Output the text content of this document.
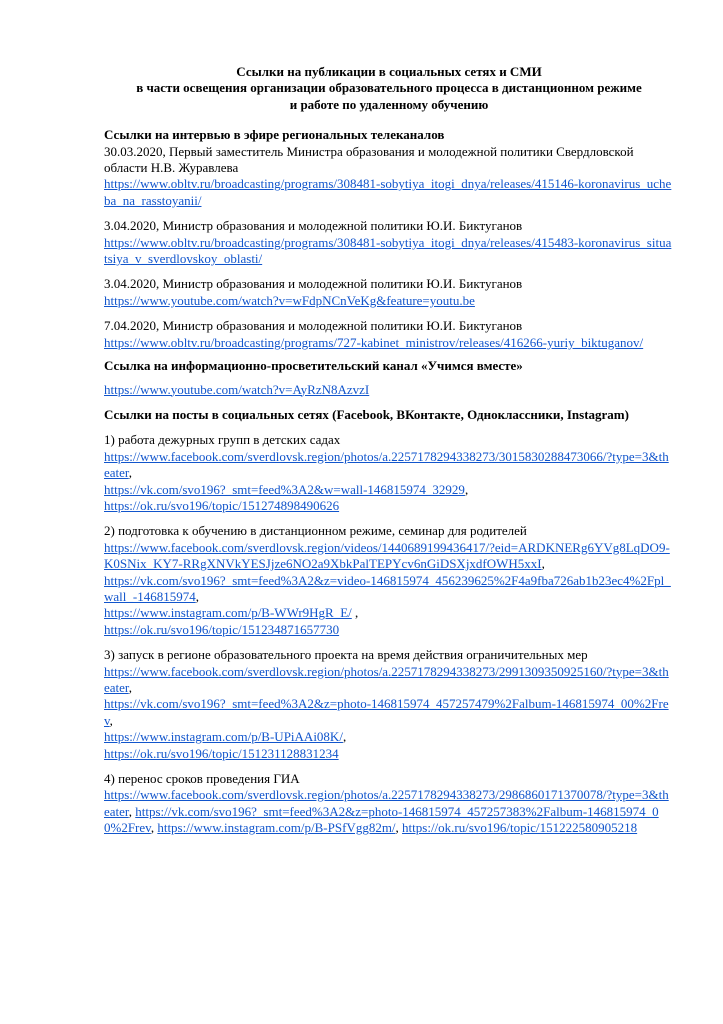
Ссылки на публикации в социальных сетях и СМИ
в части освещения организации образовательного процесса в дистанционном режиме
и работе по удаленному обучению
Ссылки на интервью в эфире региональных телеканалов
30.03.2020, Первый заместитель Министра образования и молодежной политики Свердловской области Н.В. Журавлева
https://www.obltv.ru/broadcasting/programs/308481-sobytiya_itogi_dnya/releases/415146-koronavirus_ucheba_na_rasstoyanii/
3.04.2020, Министр образования и молодежной политики Ю.И. Биктуганов
https://www.obltv.ru/broadcasting/programs/308481-sobytiya_itogi_dnya/releases/415483-koronavirus_situatsiya_v_sverdlovskoy_oblasti/
3.04.2020, Министр образования и молодежной политики Ю.И. Биктуганов
https://www.youtube.com/watch?v=wFdpNCnVeKg&feature=youtu.be
7.04.2020, Министр образования и молодежной политики Ю.И. Биктуганов
https://www.obltv.ru/broadcasting/programs/727-kabinet_ministrov/releases/416266-yuriy_biktuganov/
Ссылка на информационно-просветительский канал «Учимся вместе»
https://www.youtube.com/watch?v=AyRzN8AzvzI
Ссылки на посты в социальных сетях (Facebook, ВКонтакте, Одноклассники, Instagram)
1) работа дежурных групп в детских садах
https://www.facebook.com/sverdlovsk.region/photos/a.2257178294338273/3015830288473066/?type=3&theater,
https://vk.com/svo196?_smt=feed%3A2&w=wall-146815974_32929,
https://ok.ru/svo196/topic/151274898490626
2) подготовка к обучению в дистанционном режиме, семинар для родителей
https://www.facebook.com/sverdlovsk.region/videos/1440689199436417/?eid=ARDKNERg6YVg8LqDO9-K0SNix_KY7-RRgXNVkYESJjze6NO2a9XbkPalTEPYcv6nGiDSXjxdfOWH5xxI,
https://vk.com/svo196?_smt=feed%3A2&z=video-146815974_456239625%2F4a9fba726ab1b23ec4%2Fpl_wall_-146815974,
https://www.instagram.com/p/B-WWr9HgR_E/ ,
https://ok.ru/svo196/topic/151234871657730
3) запуск в регионе образовательного проекта на время действия ограничительных мер
https://www.facebook.com/sverdlovsk.region/photos/a.2257178294338273/2991309350925160/?type=3&theater,
https://vk.com/svo196?_smt=feed%3A2&z=photo-146815974_457257479%2Falbum-146815974_00%2Frev,
https://www.instagram.com/p/B-UPiAAi08K/,
https://ok.ru/svo196/topic/151231128831234
4) перенос сроков проведения ГИА
https://www.facebook.com/sverdlovsk.region/photos/a.2257178294338273/2986860171370078/?type=3&theater, https://vk.com/svo196?_smt=feed%3A2&z=photo-146815974_457257383%2Falbum-146815974_00%2Frev, https://www.instagram.com/p/B-PSfVgg82m/, https://ok.ru/svo196/topic/151222580905218
